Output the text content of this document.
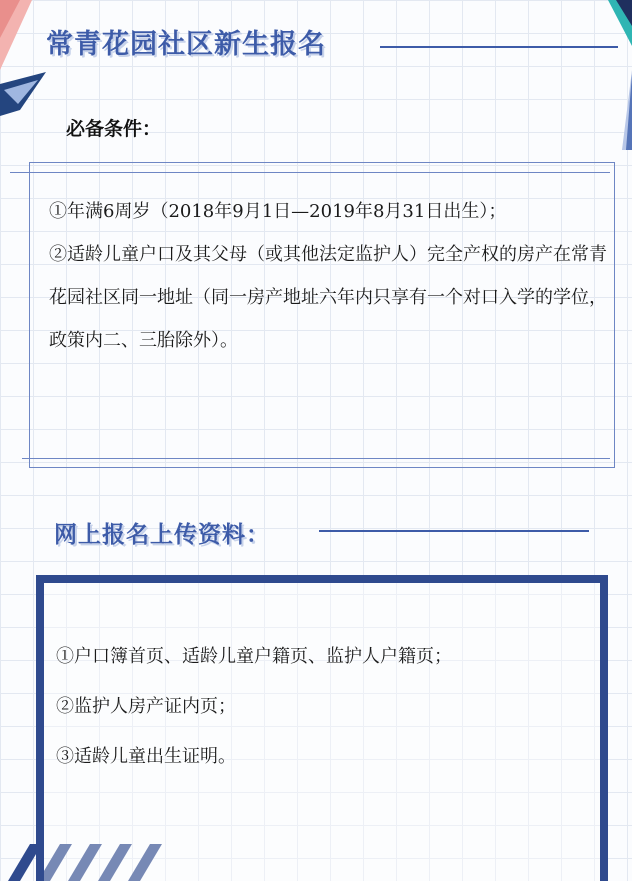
常青花园社区新生报名
必备条件：

①年满6周岁（2018年9月1日—2019年8月31日出生）；

②适龄儿童户口及其父母（或其他法定监护人）完全产权的房产在常青花园社区同一地址（同一房产地址六年内只享有一个对口入学的学位，政策内二、三胎除外）。

网上报名上传资料：

①户口簿首页、适龄儿童户籍页、监护人户籍页；

②监护人房产证内页；

③适龄儿童出生证明。
